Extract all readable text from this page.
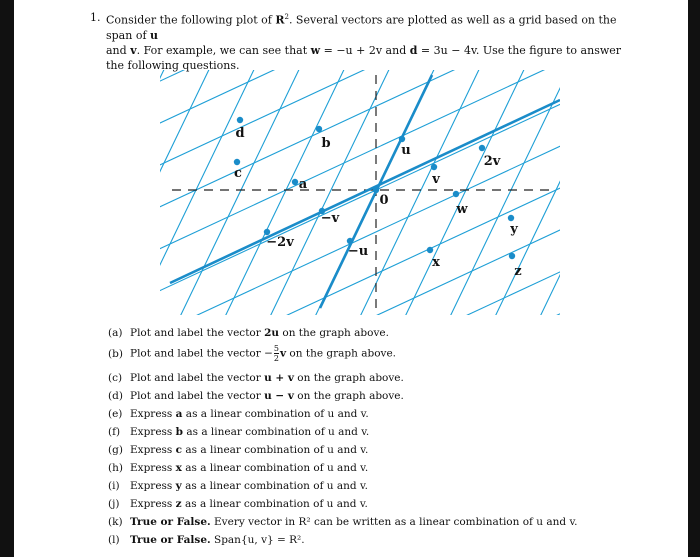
1. Consider the following plot of $R^2$. Several vectors are plotted as well as a grid based on the span of u
and v. For example, we can see that w = −u + 2v and d = 3u − 4v. Use the figure to answer the following questions.
d
c
a
b	u
v
2v
w
y
x
z
0
−v
−2v
−u
(a) Plot and label the vector 2u on the graph above.
(b) Plot and label the vector − $\frac{5}{2}$ v on the graph above.
(c) Plot and label the vector u + v on the graph above.
(d) Plot and label the vector u − v on the graph above.
(e) Express a as a linear combination of u and v.
(f) Express b as a linear combination of u and v.
(g) Express c as a linear combination of u and v.
(h) Express x as a linear combination of u and v.
(i) Express y as a linear combination of u and v.
(j) Express z as a linear combination of u and v.
(k) True or False. Every vector in R² can be written as a linear combination of u and v.
(l) True or False. Span{u, v} = R².
